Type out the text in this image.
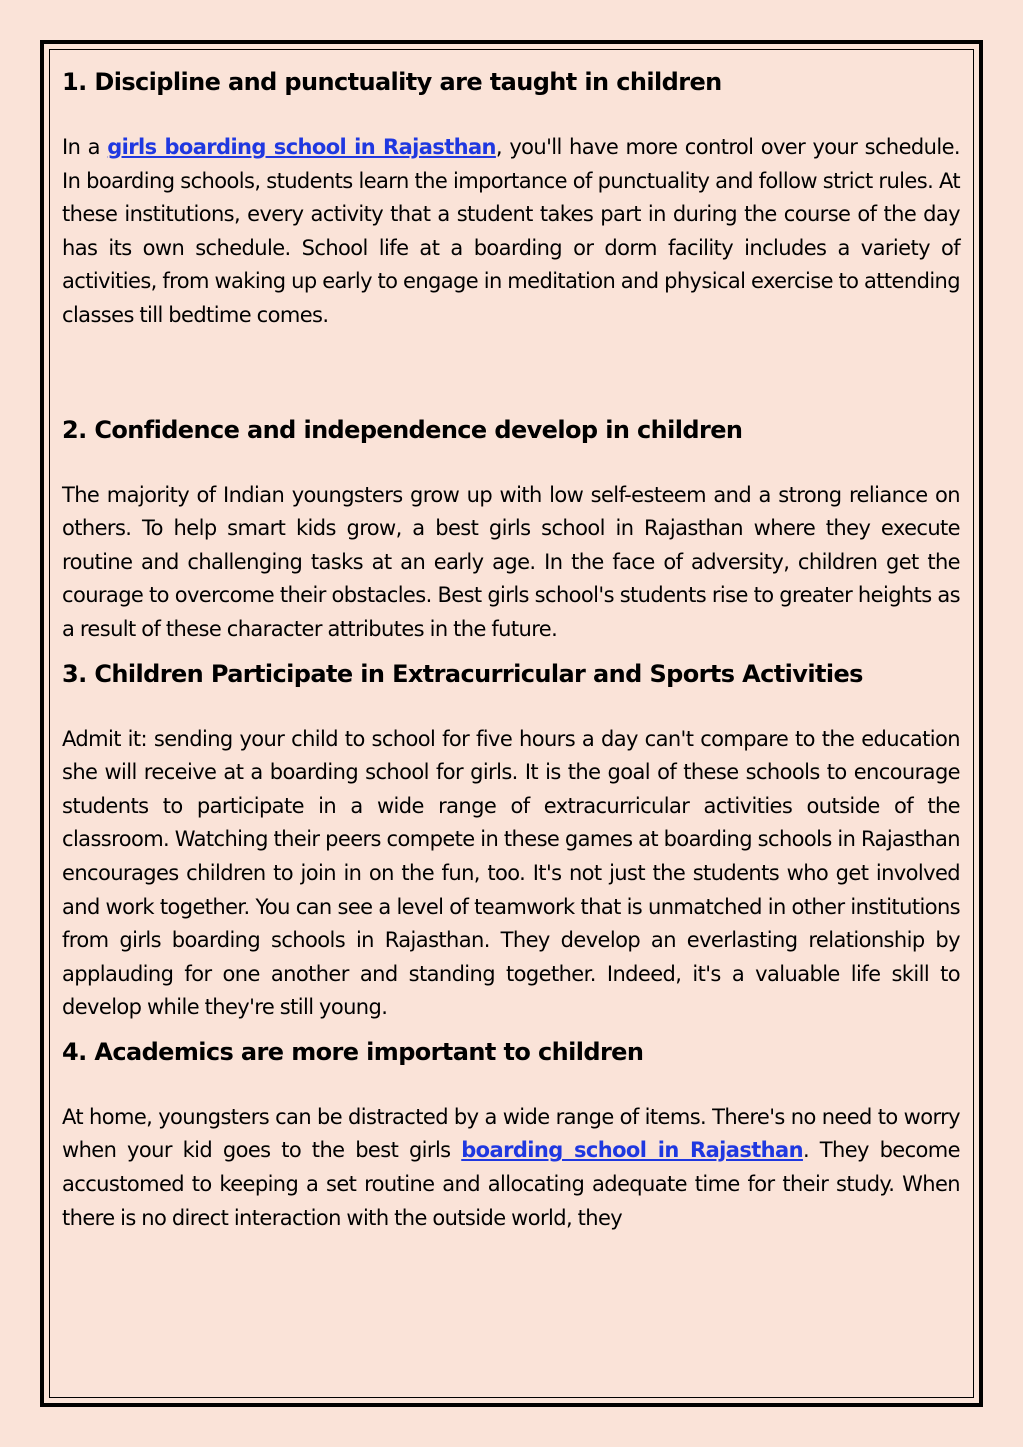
1. Discipline and punctuality are taught in children

In a girls boarding school in Rajasthan, you'll have more control over your schedule. In boarding schools, students learn the importance of punctuality and follow strict rules. At these institutions, every activity that a student takes part in during the course of the day has its own schedule. School life at a boarding or dorm facility includes a variety of activities, from waking up early to engage in meditation and physical exercise to attending classes till bedtime comes.

2. Confidence and independence develop in children

The majority of Indian youngsters grow up with low self-esteem and a strong reliance on others. To help smart kids grow, a best girls school in Rajasthan where they execute routine and challenging tasks at an early age. In the face of adversity, children get the courage to overcome their obstacles. Best girls school's students rise to greater heights as a result of these character attributes in the future.

3. Children Participate in Extracurricular and Sports Activities

Admit it: sending your child to school for five hours a day can't compare to the education she will receive at a boarding school for girls. It is the goal of these schools to encourage students to participate in a wide range of extracurricular activities outside of the classroom. Watching their peers compete in these games at boarding schools in Rajasthan encourages children to join in on the fun, too. It's not just the students who get involved and work together. You can see a level of teamwork that is unmatched in other institutions from girls boarding schools in Rajasthan. They develop an everlasting relationship by applauding for one another and standing together. Indeed, it's a valuable life skill to develop while they're still young.

4. Academics are more important to children

At home, youngsters can be distracted by a wide range of items. There's no need to worry when your kid goes to the best girls boarding school in Rajasthan. They become accustomed to keeping a set routine and allocating adequate time for their study. When there is no direct interaction with the outside world, they
